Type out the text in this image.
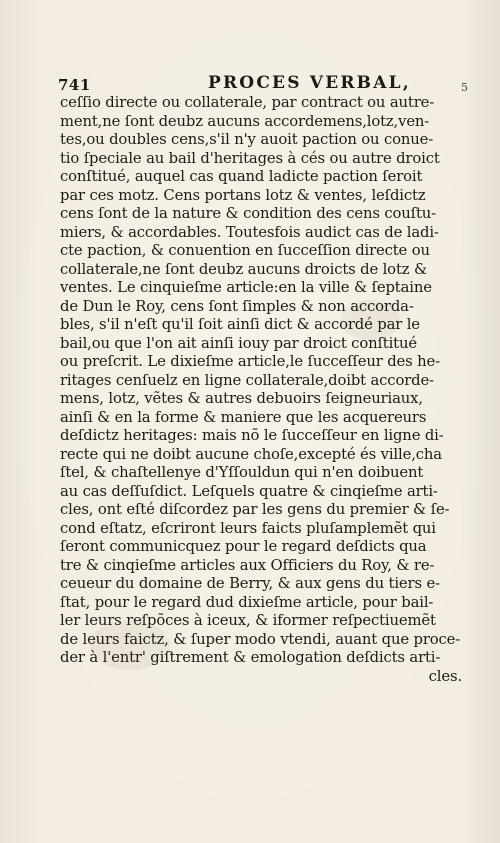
741	PROCES VERBAL,	5
ceſſio directe ou collaterale, par contract ou autre-
ment,ne ſont deubz aucuns accordemens,lotz,ven-
tes,ou doubles cens,s'il n'y auoit paction ou conue-
tio ſpeciale au bail d'heritages à cés ou autre droict
conſtitué, auquel cas quand ladicte paction ſeroit
par ces motz. Cens portans lotz & ventes, leſdictz
cens ſont de la nature & condition des cens couſtu-
miers, & accordables. Toutesfois audict cas de ladi-
cte paction, & conuention en ſucceſſion directe ou
collaterale,ne ſont deubz aucuns droicts de lotz &
ventes. Le cinquieſme article:en la ville & ſeptaine
de Dun le Roy, cens ſont ſimples & non accorda-
bles, s'il n'eſt qu'il ſoit ainſi dict & accordé par le
bail,ou que l'on ait ainſi iouy par droict conſtitué
ou preſcrit. Le dixieſme article,le ſucceſſeur des he-
ritages cenſuelz en ligne collaterale,doibt accorde-
mens, lotz, vẽtes & autres debuoirs ſeigneuriaux,
ainſi & en la forme & maniere que les acquereurs
deſdictz heritages: mais nõ le ſucceſſeur en ligne di-
recte qui ne doibt aucune choſe,excepté és ville,cha
ſtel, & chaſtellenye d'Yſſouldun qui n'en doibuent
au cas deſſuſdict. Leſquels quatre & cinqieſme arti-
cles, ont eſté diſcordez par les gens du premier & ſe-
cond eſtatz, eſcriront leurs faicts pluſamplemẽt qui
ſeront communicquez pour le regard deſdicts qua
tre & cinqieſme articles aux Officiers du Roy, & re-
ceueur du domaine de Berry, & aux gens du tiers e-
ſtat, pour le regard dud dixieſme article, pour bail-
ler leurs reſpõces à iceux, & iformer reſpectiuemẽt
de leurs faictz, & ſuper modo vtendi, auant que proce-
der à l'entr' giſtrement & emologation deſdicts arti-
cles.
